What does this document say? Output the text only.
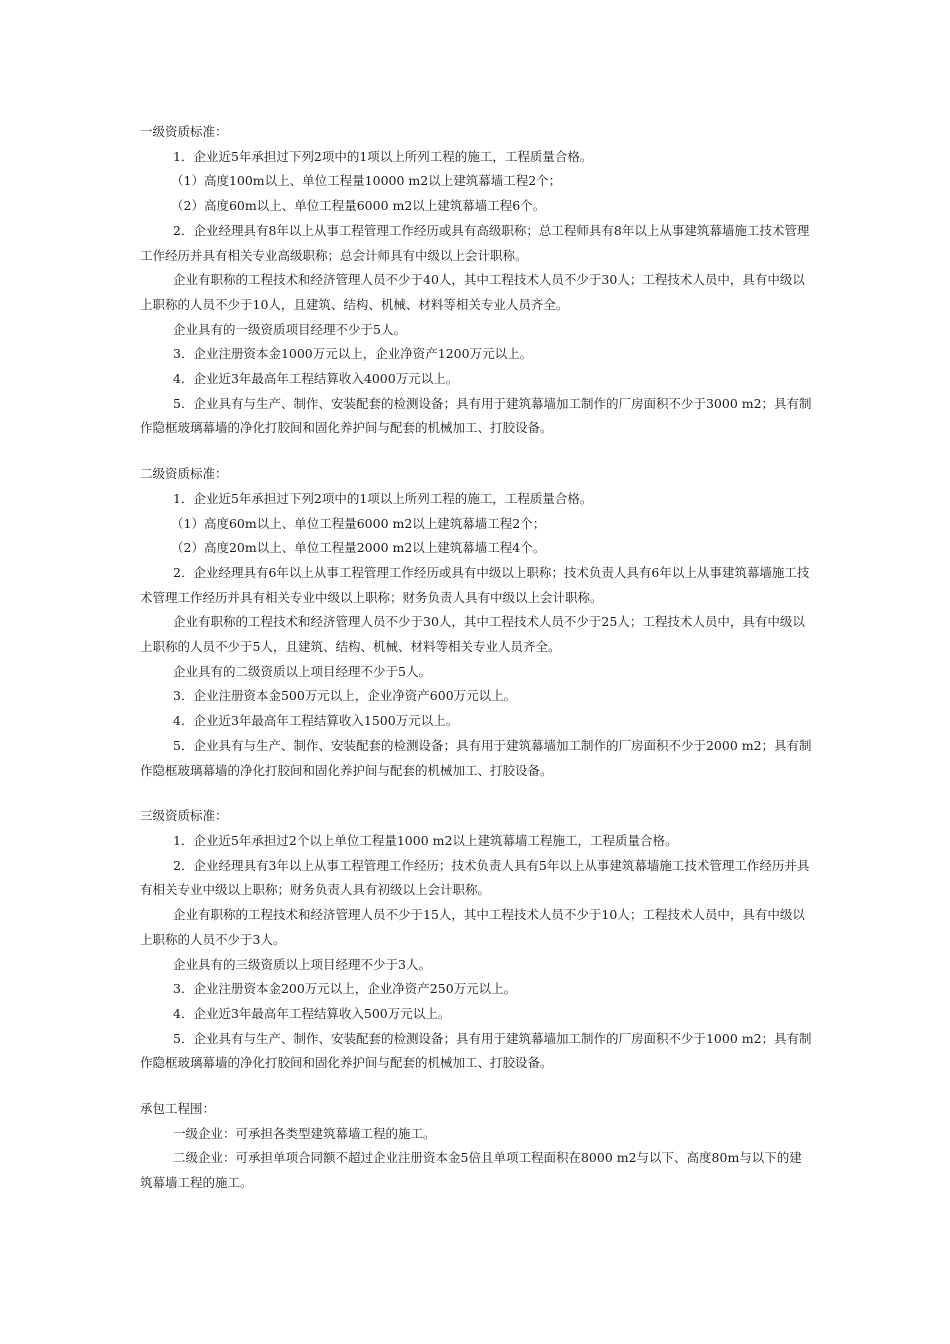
一级资质标准：

1．企业近5年承担过下列2项中的1项以上所列工程的施工，工程质量合格。

（1）高度100m以上、单位工程量10000 m2以上建筑幕墙工程2个；

（2）高度60m以上、单位工程量6000 m2以上建筑幕墙工程6个。

2．企业经理具有8年以上从事工程管理工作经历或具有高级职称；总工程师具有8年以上从事建筑幕墙施工技术管理工作经历并具有相关专业高级职称；总会计师具有中级以上会计职称。

企业有职称的工程技术和经济管理人员不少于40人，其中工程技术人员不少于30人；工程技术人员中，具有中级以上职称的人员不少于10人，且建筑、结构、机械、材料等相关专业人员齐全。

企业具有的一级资质项目经理不少于5人。

3．企业注册资本金1000万元以上，企业净资产1200万元以上。

4．企业近3年最高年工程结算收入4000万元以上。

5．企业具有与生产、制作、安装配套的检测设备；具有用于建筑幕墙加工制作的厂房面积不少于3000 m2；具有制作隐框玻璃幕墙的净化打胶间和固化养护间与配套的机械加工、打胶设备。

二级资质标准：

1．企业近5年承担过下列2项中的1项以上所列工程的施工，工程质量合格。

（1）高度60m以上、单位工程量6000 m2以上建筑幕墙工程2个；

（2）高度20m以上、单位工程量2000 m2以上建筑幕墙工程4个。

2．企业经理具有6年以上从事工程管理工作经历或具有中级以上职称；技术负责人具有6年以上从事建筑幕墙施工技术管理工作经历并具有相关专业中级以上职称；财务负责人具有中级以上会计职称。

企业有职称的工程技术和经济管理人员不少于30人，其中工程技术人员不少于25人；工程技术人员中，具有中级以上职称的人员不少于5人，且建筑、结构、机械、材料等相关专业人员齐全。

企业具有的二级资质以上项目经理不少于5人。

3．企业注册资本金500万元以上，企业净资产600万元以上。

4．企业近3年最高年工程结算收入1500万元以上。

5．企业具有与生产、制作、安装配套的检测设备；具有用于建筑幕墙加工制作的厂房面积不少于2000 m2；具有制作隐框玻璃幕墙的净化打胶间和固化养护间与配套的机械加工、打胶设备。

三级资质标准：

1．企业近5年承担过2个以上单位工程量1000 m2以上建筑幕墙工程施工，工程质量合格。

2．企业经理具有3年以上从事工程管理工作经历；技术负责人具有5年以上从事建筑幕墙施工技术管理工作经历并具有相关专业中级以上职称；财务负责人具有初级以上会计职称。

企业有职称的工程技术和经济管理人员不少于15人，其中工程技术人员不少于10人；工程技术人员中，具有中级以上职称的人员不少于3人。

企业具有的三级资质以上项目经理不少于3人。

3．企业注册资本金200万元以上，企业净资产250万元以上。

4．企业近3年最高年工程结算收入500万元以上。

5．企业具有与生产、制作、安装配套的检测设备；具有用于建筑幕墙加工制作的厂房面积不少于1000 m2；具有制作隐框玻璃幕墙的净化打胶间和固化养护间与配套的机械加工、打胶设备。

承包工程围：

一级企业：可承担各类型建筑幕墙工程的施工。

二级企业：可承担单项合同额不超过企业注册资本金5倍且单项工程面积在8000 m2与以下、高度80m与以下的建筑幕墙工程的施工。
